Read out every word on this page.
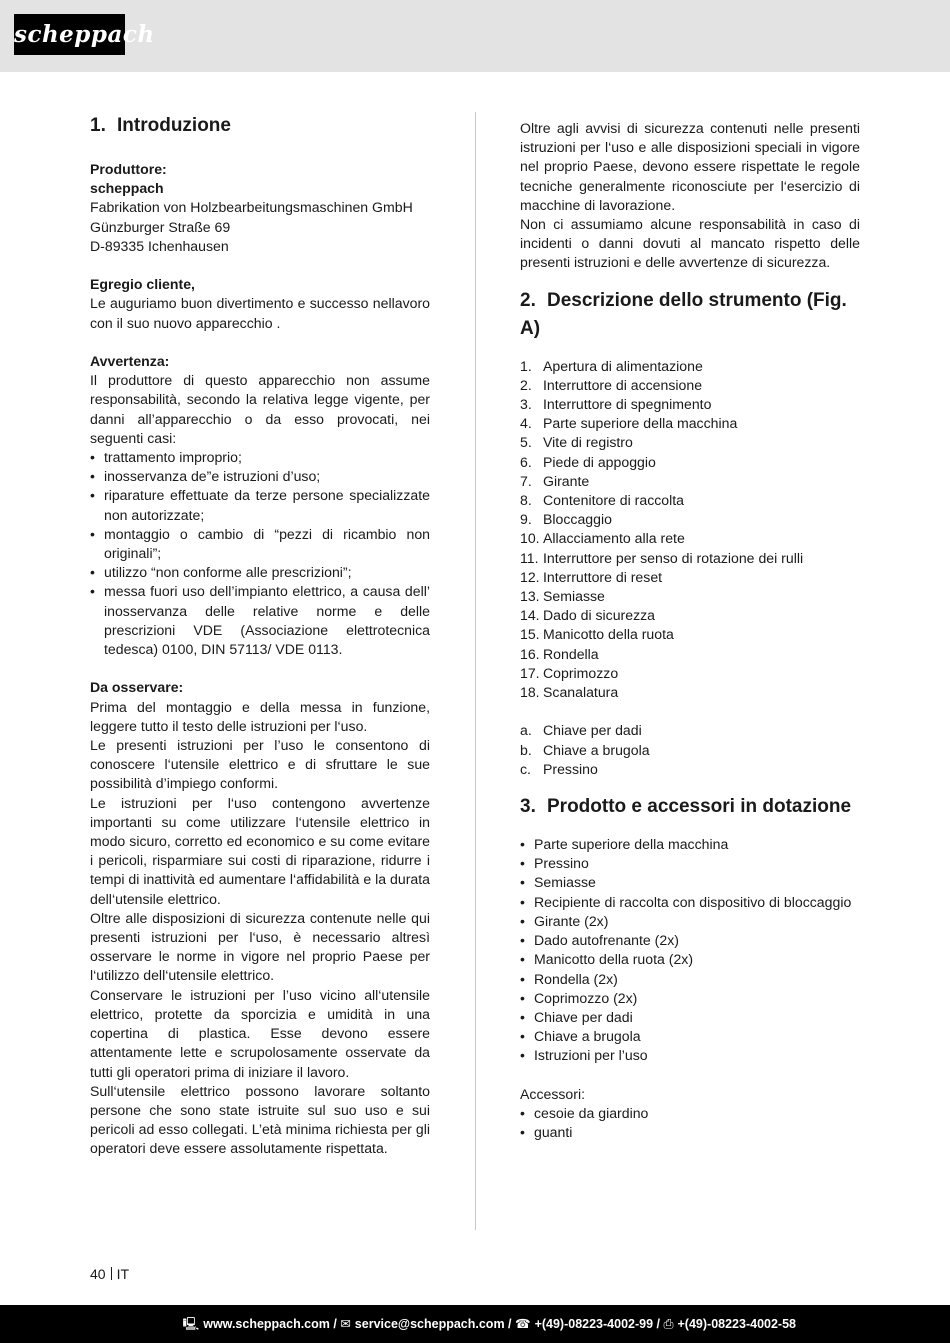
scheppach
1. Introduzione

Produttore:

scheppach

Fabrikation von Holzbearbeitungsmaschinen GmbH

Günzburger Straße 69

D-89335 Ichenhausen

Egregio cliente,

Le auguriamo buon divertimento e successo nellavoro con il suo nuovo apparecchio .

Avvertenza:

Il produttore di questo apparecchio non assume responsabilità, secondo la relativa legge vigente, per danni all’apparecchio o da esso provocati, nei seguenti casi:

• trattamento improprio;
• inosservanza de”e istruzioni d’uso;
• riparature effettuate da terze persone specializzate non autorizzate;
• montaggio o cambio di “pezzi di ricambio non originali”;
• utilizzo “non conforme alle prescrizioni”;
• messa fuori uso dell’impianto elettrico, a causa dell’ inosservanza delle relative norme e delle prescrizioni VDE (Associazione elettrotecnica tedesca) 0100, DIN 57113/ VDE 0113.

Da osservare:

Prima del montaggio e della messa in funzione, leggere tutto il testo delle istruzioni per l‘uso.

Le presenti istruzioni per l’uso le consentono di conoscere l‘utensile elettrico e di sfruttare le sue possibilità d’impiego conformi.

Le istruzioni per l‘uso contengono avvertenze importanti su come utilizzare l‘utensile elettrico in modo sicuro, corretto ed economico e su come evitare i pericoli, risparmiare sui costi di riparazione, ridurre i tempi di inattività ed aumentare l‘affidabilità e la durata dell‘utensile elettrico.

Oltre alle disposizioni di sicurezza contenute nelle qui presenti istruzioni per l‘uso, è necessario altresì osservare le norme in vigore nel proprio Paese per l‘utilizzo dell‘utensile elettrico.

Conservare le istruzioni per l’uso vicino all‘utensile elettrico, protette da sporcizia e umidità in una copertina di plastica. Esse devono essere attentamente lette e scrupolosamente osservate da tutti gli operatori prima di iniziare il lavoro.

Sull‘utensile elettrico possono lavorare soltanto persone che sono state istruite sul suo uso e sui pericoli ad esso collegati. L’età minima richiesta per gli operatori deve essere assolutamente rispettata.

Oltre agli avvisi di sicurezza contenuti nelle presenti istruzioni per l‘uso e alle disposizioni speciali in vigore nel proprio Paese, devono essere rispettate le regole tecniche generalmente riconosciute per l‘esercizio di macchine di lavorazione.

Non ci assumiamo alcune responsabilità in caso di incidenti o danni dovuti al mancato rispetto delle presenti istruzioni e delle avvertenze di sicurezza.

2. Descrizione dello strumento (Fig. A)
1. Apertura di alimentazione
2. Interruttore di accensione
3. Interruttore di spegnimento
4. Parte superiore della macchina
5. Vite di registro
6. Piede di appoggio
7. Girante
8. Contenitore di raccolta
9. Bloccaggio
10. Allacciamento alla rete
11. Interruttore per senso di rotazione dei rulli
12. Interruttore di reset
13. Semiasse
14. Dado di sicurezza
15. Manicotto della ruota
16. Rondella
17. Coprimozzo
18. Scanalatura
a. Chiave per dadi
b. Chiave a brugola
c. Pressino
3. Prodotto e accessori in dotazione
• Parte superiore della macchina
• Pressino
• Semiasse
• Recipiente di raccolta con dispositivo di bloccaggio
• Girante (2x)
• Dado autofrenante (2x)
• Manicotto della ruota (2x)
• Rondella (2x)
• Coprimozzo (2x)
• Chiave per dadi
• Chiave a brugola
• Istruzioni per l’uso

Accessori:

• cesoie da giardino
• guanti
40 IT
🖳 www.scheppach.com / ✉ service@scheppach.com / ☎ +(49)-08223-4002-99 / ⎙ +(49)-08223-4002-58
